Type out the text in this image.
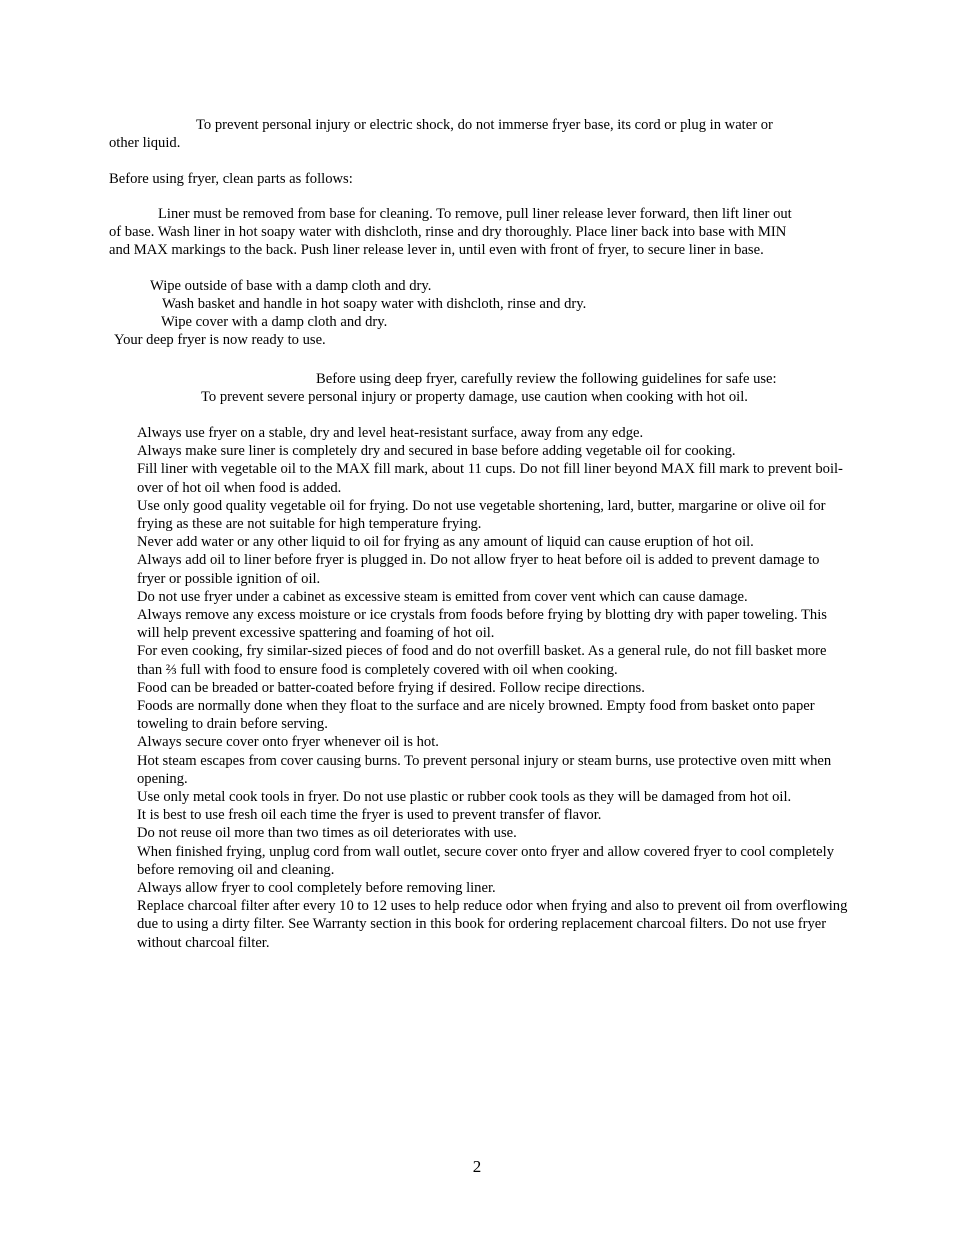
To prevent personal injury or electric shock, do not immerse fryer base, its cord or plug in water or

other liquid.

Before using fryer, clean parts as follows:

Liner must be removed from base for cleaning. To remove, pull liner release lever forward, then lift liner out

of base. Wash liner in hot soapy water with dishcloth, rinse and dry thoroughly. Place liner back into base with MIN

and MAX markings to the back. Push liner release lever in, until even with front of fryer, to secure liner in base.

Wipe outside of base with a damp cloth and dry.

Wash basket and handle in hot soapy water with dishcloth, rinse and dry.

Wipe cover with a damp cloth and dry.

Your deep fryer is now ready to use.

Before using deep fryer, carefully review the following guidelines for safe use:

To prevent severe personal injury or property damage, use caution when cooking with hot oil.

Always use fryer on a stable, dry and level heat-resistant surface, away from any edge.
Always make sure liner is completely dry and secured in base before adding vegetable oil for cooking.
Fill liner with vegetable oil to the MAX fill mark, about 11 cups. Do not fill liner beyond MAX fill mark to prevent boil-over of hot oil when food is added.
Use only good quality vegetable oil for frying. Do not use vegetable shortening, lard, butter, margarine or olive oil for frying as these are not suitable for high temperature frying.
Never add water or any other liquid to oil for frying as any amount of liquid can cause eruption of hot oil.
Always add oil to liner before fryer is plugged in. Do not allow fryer to heat before oil is added to prevent damage to fryer or possible ignition of oil.
Do not use fryer under a cabinet as excessive steam is emitted from cover vent which can cause damage.
Always remove any excess moisture or ice crystals from foods before frying by blotting dry with paper toweling. This will help prevent excessive spattering and foaming of hot oil.
For even cooking, fry similar-sized pieces of food and do not overfill basket. As a general rule, do not fill basket more than ⅔ full with food to ensure food is completely covered with oil when cooking.
Food can be breaded or batter-coated before frying if desired. Follow recipe directions.
Foods are normally done when they float to the surface and are nicely browned. Empty food from basket onto paper toweling to drain before serving.
Always secure cover onto fryer whenever oil is hot.
Hot steam escapes from cover causing burns. To prevent personal injury or steam burns, use protective oven mitt when opening.
Use only metal cook tools in fryer. Do not use plastic or rubber cook tools as they will be damaged from hot oil.
It is best to use fresh oil each time the fryer is used to prevent transfer of flavor.
Do not reuse oil more than two times as oil deteriorates with use.
When finished frying, unplug cord from wall outlet, secure cover onto fryer and allow covered fryer to cool completely before removing oil and cleaning.
Always allow fryer to cool completely before removing liner.
Replace charcoal filter after every 10 to 12 uses to help reduce odor when frying and also to prevent oil from overflowing due to using a dirty filter. See Warranty section in this book for ordering replacement charcoal filters. Do not use fryer without charcoal filter.
2
